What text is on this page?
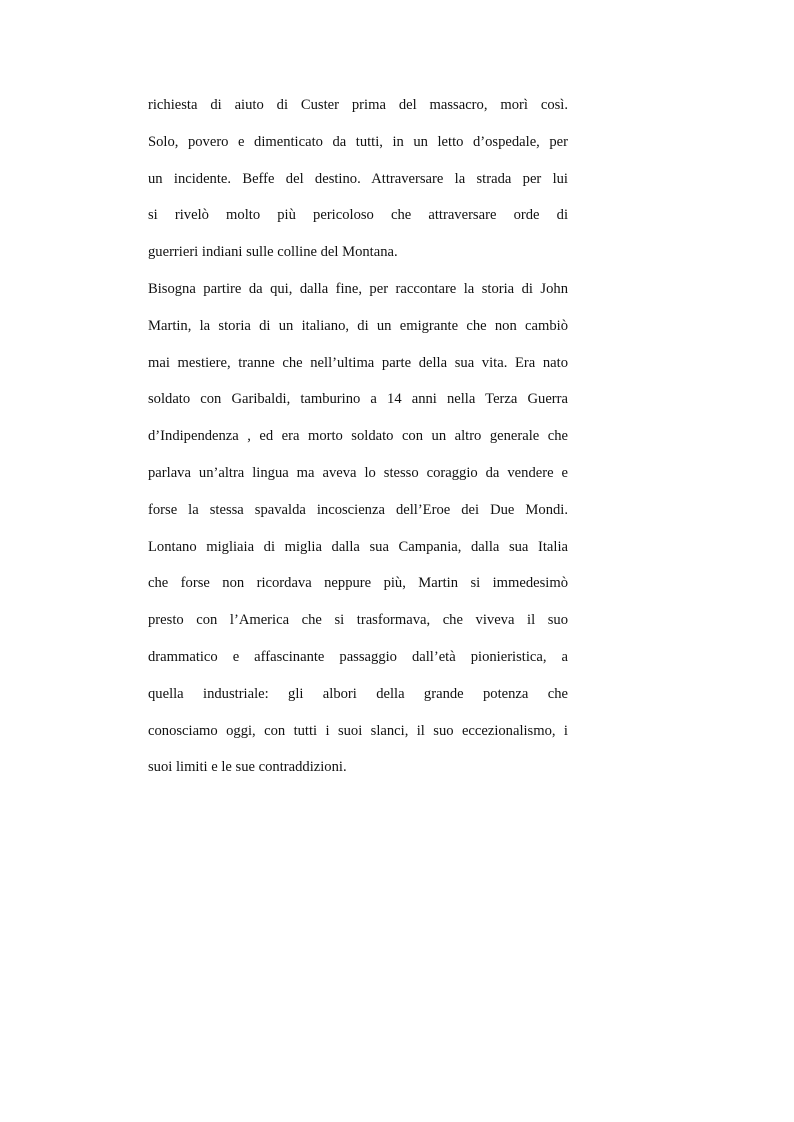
richiesta di aiuto di Custer prima del massacro, morì così.
Solo, povero e dimenticato da tutti, in un letto d’ospedale, per
un incidente. Beffe del destino. Attraversare la strada per lui
si rivelò molto più pericoloso che attraversare orde di
guerrieri indiani sulle colline del Montana.
Bisogna partire da qui, dalla fine, per raccontare la storia di John
Martin, la storia di un italiano, di un emigrante che non cambiò
mai mestiere, tranne che nell’ultima parte della sua vita. Era nato
soldato con Garibaldi, tamburino a 14 anni nella Terza Guerra
d’Indipendenza , ed era morto soldato con un altro generale che
parlava un’altra lingua ma aveva lo stesso coraggio da vendere e
forse la stessa spavalda incoscienza dell’Eroe dei Due Mondi.
Lontano migliaia di miglia dalla sua Campania, dalla sua Italia
che forse non ricordava neppure più, Martin si immedesimò
presto con l’America che si trasformava, che viveva il suo
drammatico e affascinante passaggio dall’età pionieristica, a
quella industriale: gli albori della grande potenza che
conosciamo oggi, con tutti i suoi slanci, il suo eccezionalismo, i
suoi limiti e le sue contraddizioni.
